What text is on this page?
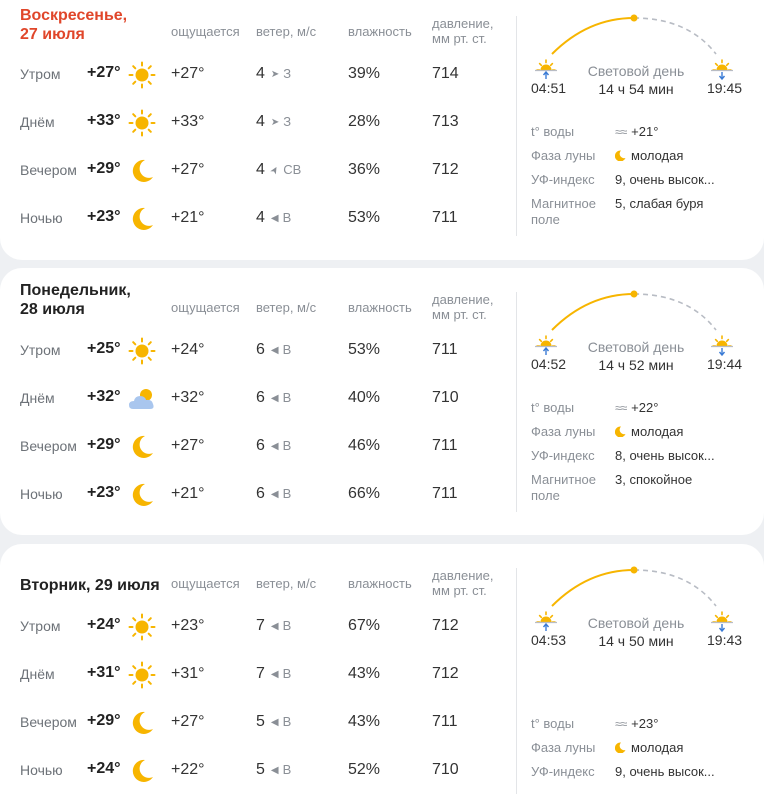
Воскресенье,
27 июля	ощущается ветер, м/с влажность
давление,
мм рт. ст.
Утром +27°	+27°	4 ➤ З	39%	714
Днём +33°	+33°	4 ➤ З	28%	713
Вечером +29°	+27°	4 ➤СВ	36%	712
Ночью +23°	+21°	4 ◀ В	53%	711
04:51
Световой день
14 ч 54 мин	19:45
t° воды	≈≈ +21°
Фаза луны	молодая
УФ-индекс	9, очень высок...
Магнитное
поле
5, слабая буря
Понедельник,
28 июля	ощущается ветер, м/с влажность
давление,
мм рт. ст.
Утром +25°	+24°	6 ◀ В	53%	711
Днём +32°	+32°	6 ◀ В	40%	710
Вечером +29°	+27°	6 ◀ В	46%	711
Ночью +23°	+21°	6 ◀ В	66%	711
04:52
Световой день
14 ч 52 мин	19:44
t° воды	≈≈ +22°
Фаза луны	молодая
УФ-индекс	8, очень высок...
Магнитное
поле
3, спокойное
Вторник, 29 июля ощущается ветер, м/с влажность
давление,
мм рт. ст.
Утром +24°	+23°	7 ◀ В	67%	712
Днём +31°	+31°	7 ◀ В	43%	712
Вечером +29°	+27°	5 ◀ В	43%	711
Ночью +24°	+22°	5 ◀ В	52%	710
04:53
Световой день
14 ч 50 мин	19:43
t° воды	≈≈ +23°
Фаза луны	молодая
УФ-индекс	9, очень высок...
